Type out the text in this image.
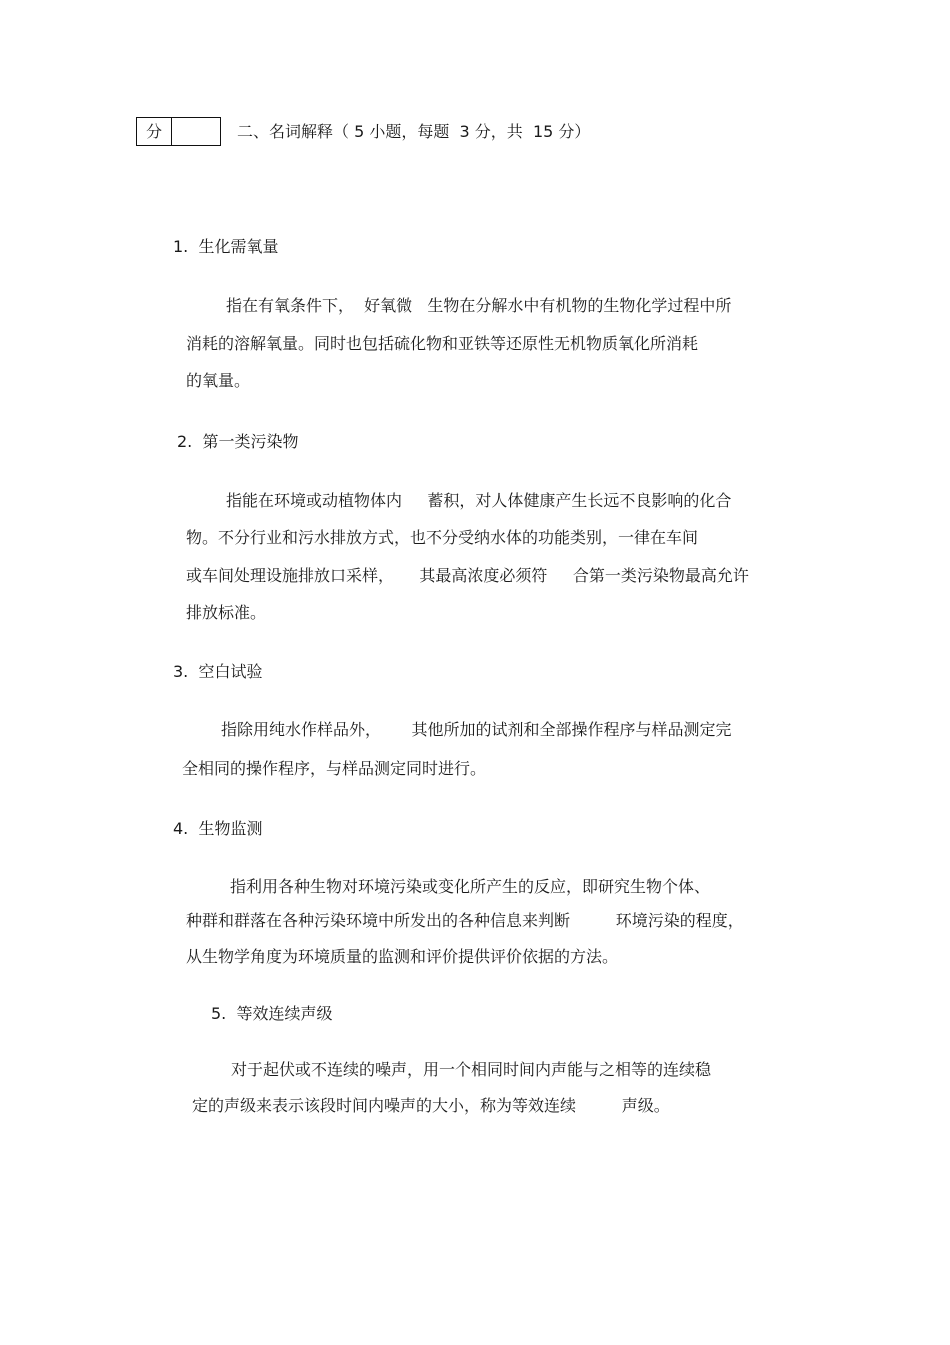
分	二、名词解释（ 5 小题，每题  3 分，共  15 分）
1.  生化需氧量
指在有氧条件下，  好氧微   生物在分解水中有机物的生物化学过程中所
消耗的溶解氧量。同时也包括硫化物和亚铁等还原性无机物质氧化所消耗
的氧量。
2.  第一类污染物
指能在环境或动植物体内     蓄积，对人体健康产生长远不良影响的化合
物。不分行业和污水排放方式，也不分受纳水体的功能类别，一律在车间
或车间处理设施排放口采样，     其最高浓度必须符     合第一类污染物最高允许
排放标准。
3.  空白试验
指除用纯水作样品外，      其他所加的试剂和全部操作程序与样品测定完
全相同的操作程序，与样品测定同时进行。
4.  生物监测
指利用各种生物对环境污染或变化所产生的反应，即研究生物个体、
种群和群落在各种污染环境中所发出的各种信息来判断         环境污染的程度，
从生物学角度为环境质量的监测和评价提供评价依据的方法。
5.  等效连续声级
对于起伏或不连续的噪声，用一个相同时间内声能与之相等的连续稳
定的声级来表示该段时间内噪声的大小，称为等效连续         声级。
